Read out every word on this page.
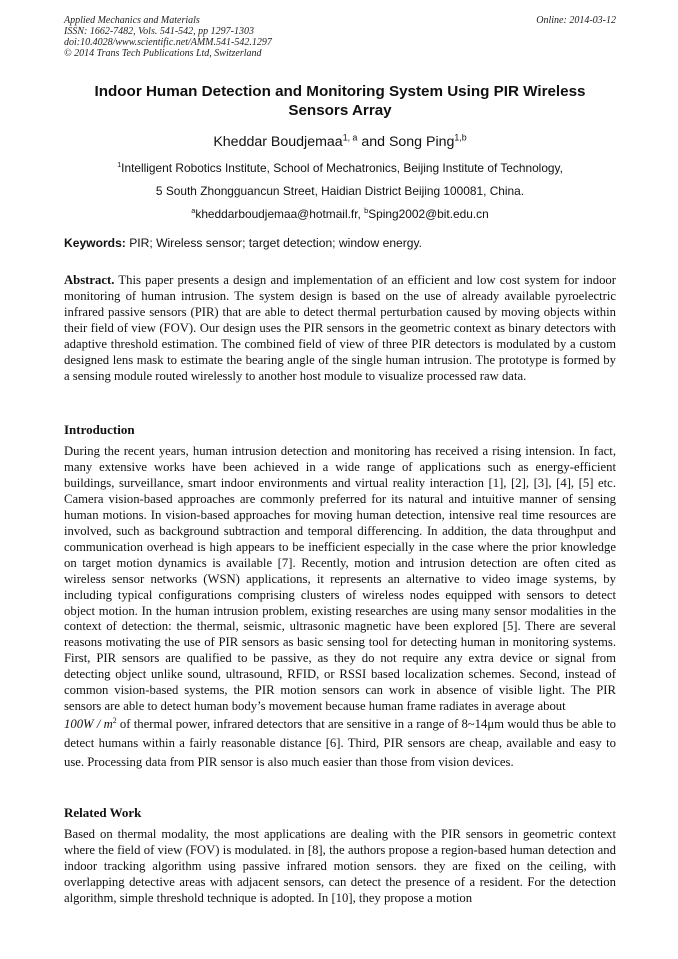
Applied Mechanics and Materials
ISSN: 1662-7482, Vols. 541-542, pp 1297-1303
doi:10.4028/www.scientific.net/AMM.541-542.1297
© 2014 Trans Tech Publications Ltd, Switzerland
Online: 2014-03-12
Indoor Human Detection and Monitoring System Using PIR Wireless
Sensors Array
Kheddar Boudjemaa$^{1, a}$ and Song Ping$^{1,b}$
$^1$Intelligent Robotics Institute, School of Mechatronics, Beijing Institute of Technology,
5 South Zhongguancun Street, Haidian District Beijing 100081, China.
$^a$kheddarboudjemaa@hotmail.fr, $^b$Sping2002@bit.edu.cn
Keywords: PIR; Wireless sensor; target detection; window energy.

Abstract. This paper presents a design and implementation of an efficient and low cost system for indoor monitoring of human intrusion. The system design is based on the use of already available pyroelectric infrared passive sensors (PIR) that are able to detect thermal perturbation caused by moving objects within their field of view (FOV). Our design uses the PIR sensors in the geometric context as binary detectors with adaptive threshold estimation. The combined field of view of three PIR detectors is modulated by a custom designed lens mask to estimate the bearing angle of the single human intrusion. The prototype is formed by a sensing module routed wirelessly to another host module to visualize processed raw data.

Introduction

During the recent years, human intrusion detection and monitoring has received a rising intension. In fact, many extensive works have been achieved in a wide range of applications such as energy-efficient buildings, surveillance, smart indoor environments and virtual reality interaction [1], [2], [3], [4], [5] etc. Camera vision-based approaches are commonly preferred for its natural and intuitive manner of sensing human motions. In vision-based approaches for moving human detection, intensive real time resources are involved, such as background subtraction and temporal differencing. In addition, the data throughput and communication overhead is high appears to be inefficient especially in the case where the prior knowledge on target motion dynamics is available [7]. Recently, motion and intrusion detection are often cited as wireless sensor networks (WSN) applications, it represents an alternative to video image systems, by including typical configurations comprising clusters of wireless nodes equipped with sensors to detect object motion. In the human intrusion problem, existing researches are using many sensor modalities in the context of detection: the thermal, seismic, ultrasonic magnetic have been explored [5]. There are several reasons motivating the use of PIR sensors as basic sensing tool for detecting human in monitoring systems. First, PIR sensors are qualified to be passive, as they do not require any extra device or signal from detecting object unlike sound, ultrasound, RFID, or RSSI based localization schemes. Second, instead of common vision-based systems, the PIR motion sensors can work in absence of visible light. The PIR sensors are able to detect human body’s movement because human frame radiates in average about
$100W / m^2$ of thermal power, infrared detectors that are sensitive in a range of 8~14μm would thus be able to detect humans within a fairly reasonable distance [6]. Third, PIR sensors are cheap, available and easy to use. Processing data from PIR sensor is also much easier than those from vision devices.

Related Work

Based on thermal modality, the most applications are dealing with the PIR sensors in geometric context where the field of view (FOV) is modulated. in [8], the authors propose a region-based human detection and indoor tracking algorithm using passive infrared motion sensors. they are fixed on the ceiling, with overlapping detective areas with adjacent sensors, can detect the presence of a resident. For the detection algorithm, simple threshold technique is adopted. In [10], they propose a motion
